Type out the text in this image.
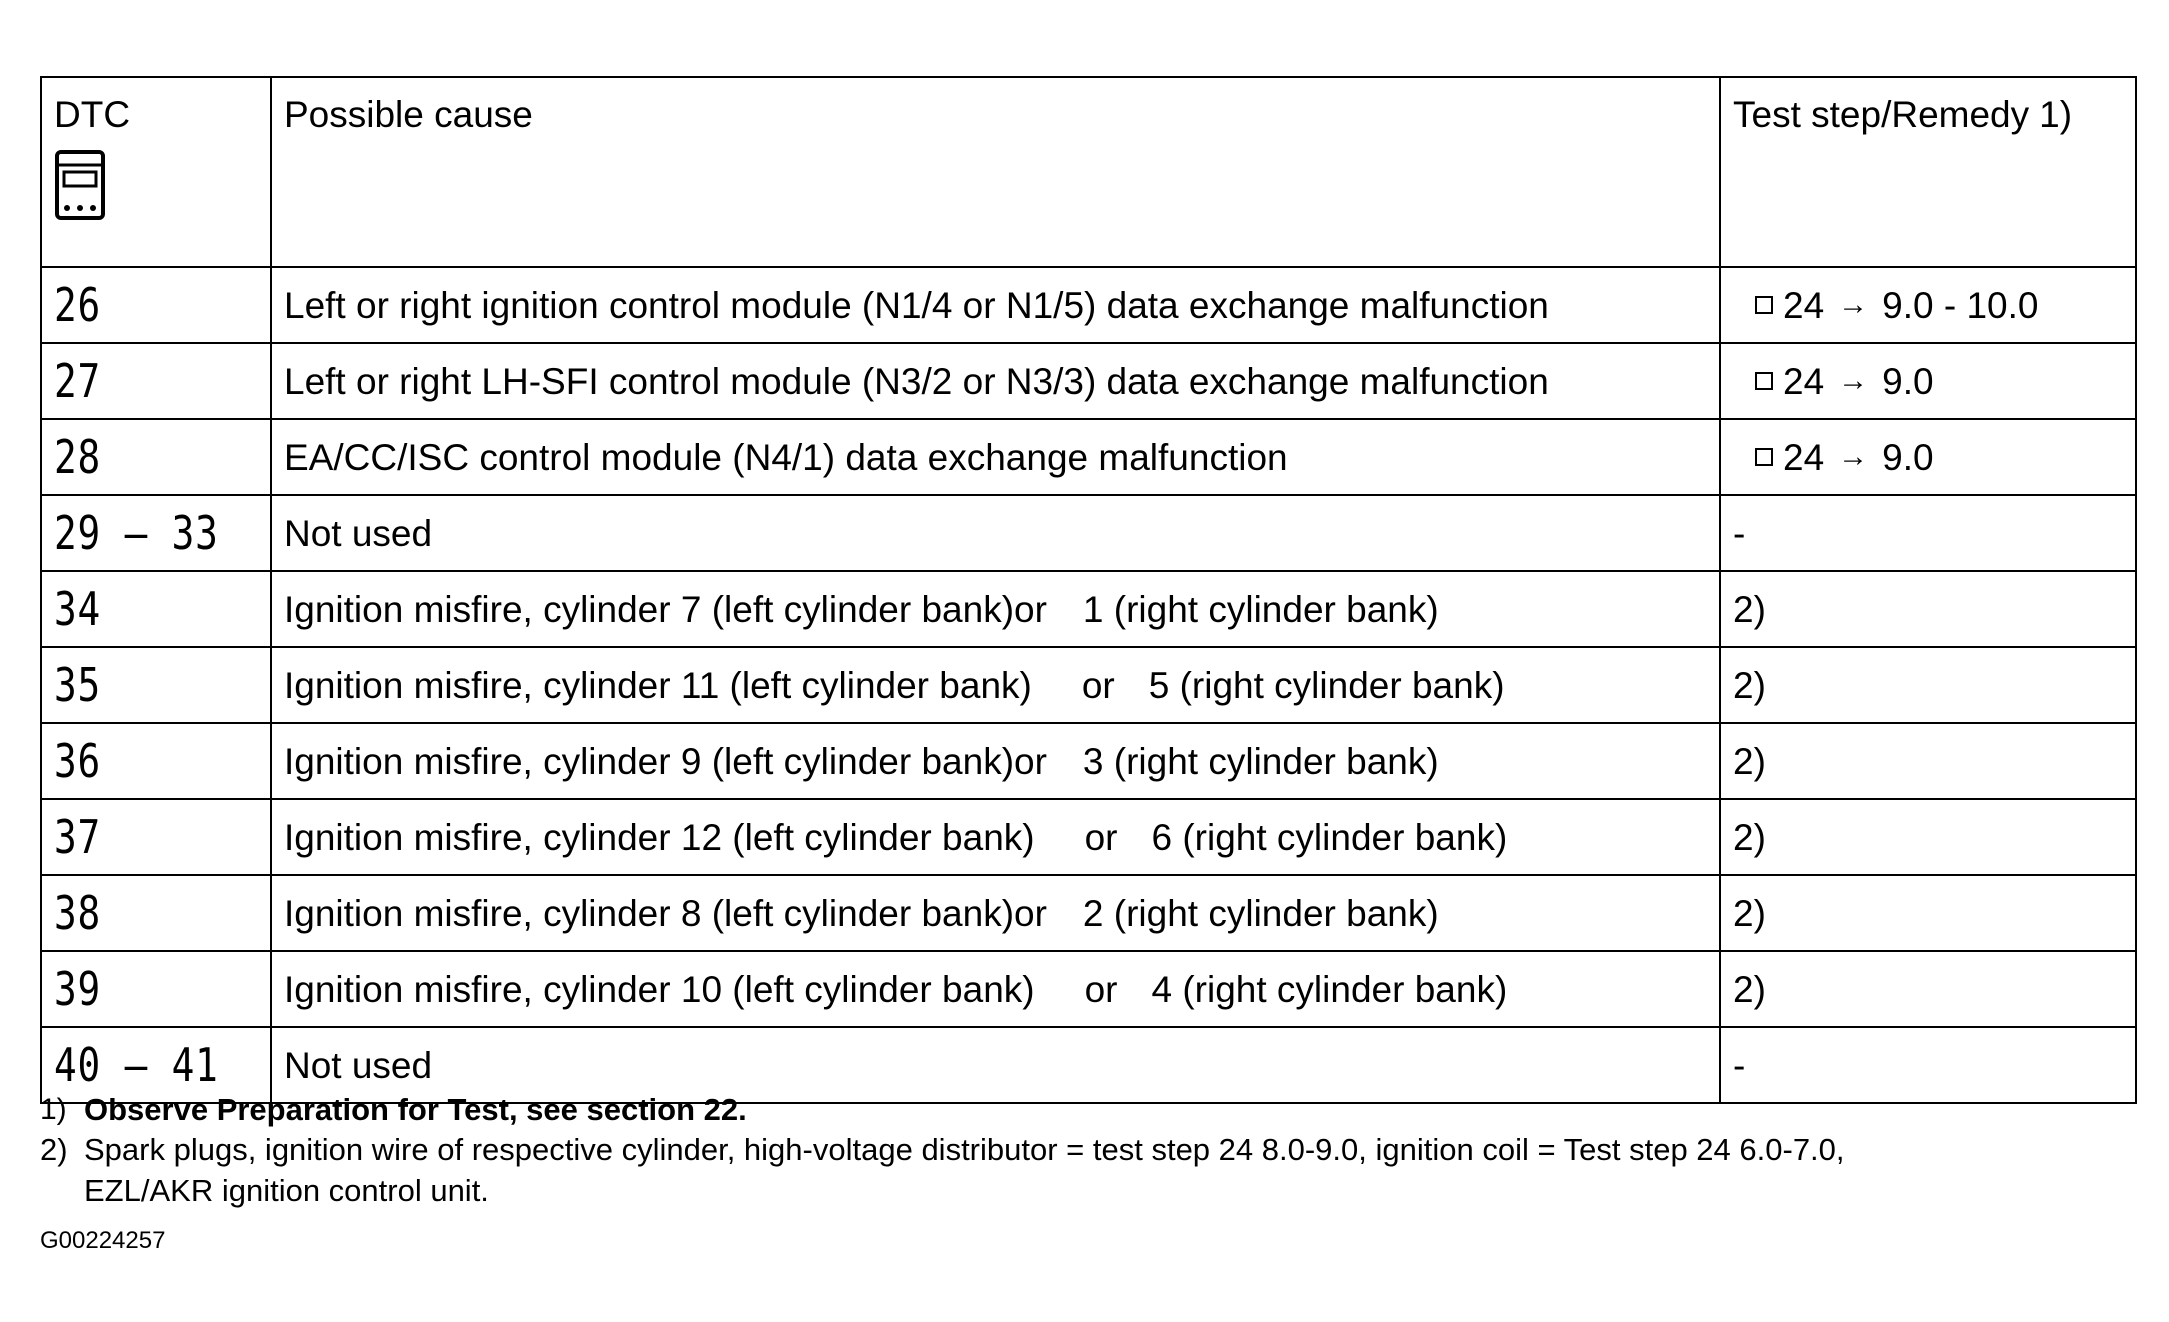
DTC	Possible cause	Test step/Remedy 1)

26	Left or right ignition control module (N1/4 or N1/5) data exchange malfunction	24 → 9.0 - 10.0

27	Left or right LH-SFI control module (N3/2 or N3/3) data exchange malfunction	24 → 9.0

28	EA/CC/ISC control module (N4/1) data exchange malfunction	24 → 9.0

29 – 33	Not used	-
34	Ignition misfire, cylinder 7 (left cylinder bank)or 1 (right cylinder bank)	2)
35	Ignition misfire, cylinder 11 (left cylinder bank) or 5 (right cylinder bank)	2)
36	Ignition misfire, cylinder 9 (left cylinder bank)or 3 (right cylinder bank)	2)
37	Ignition misfire, cylinder 12 (left cylinder bank) or 6 (right cylinder bank)	2)
38	Ignition misfire, cylinder 8 (left cylinder bank)or 2 (right cylinder bank)	2)
39	Ignition misfire, cylinder 10 (left cylinder bank) or 4 (right cylinder bank)	2)
40 – 41	Not used	-
1) Observe Preparation for Test, see section 22.
2) Spark plugs, ignition wire of respective cylinder, high-voltage distributor = test step 24 8.0-9.0, ignition coil = Test step 24 6.0-7.0,
EZL/AKR ignition control unit.
G00224257
